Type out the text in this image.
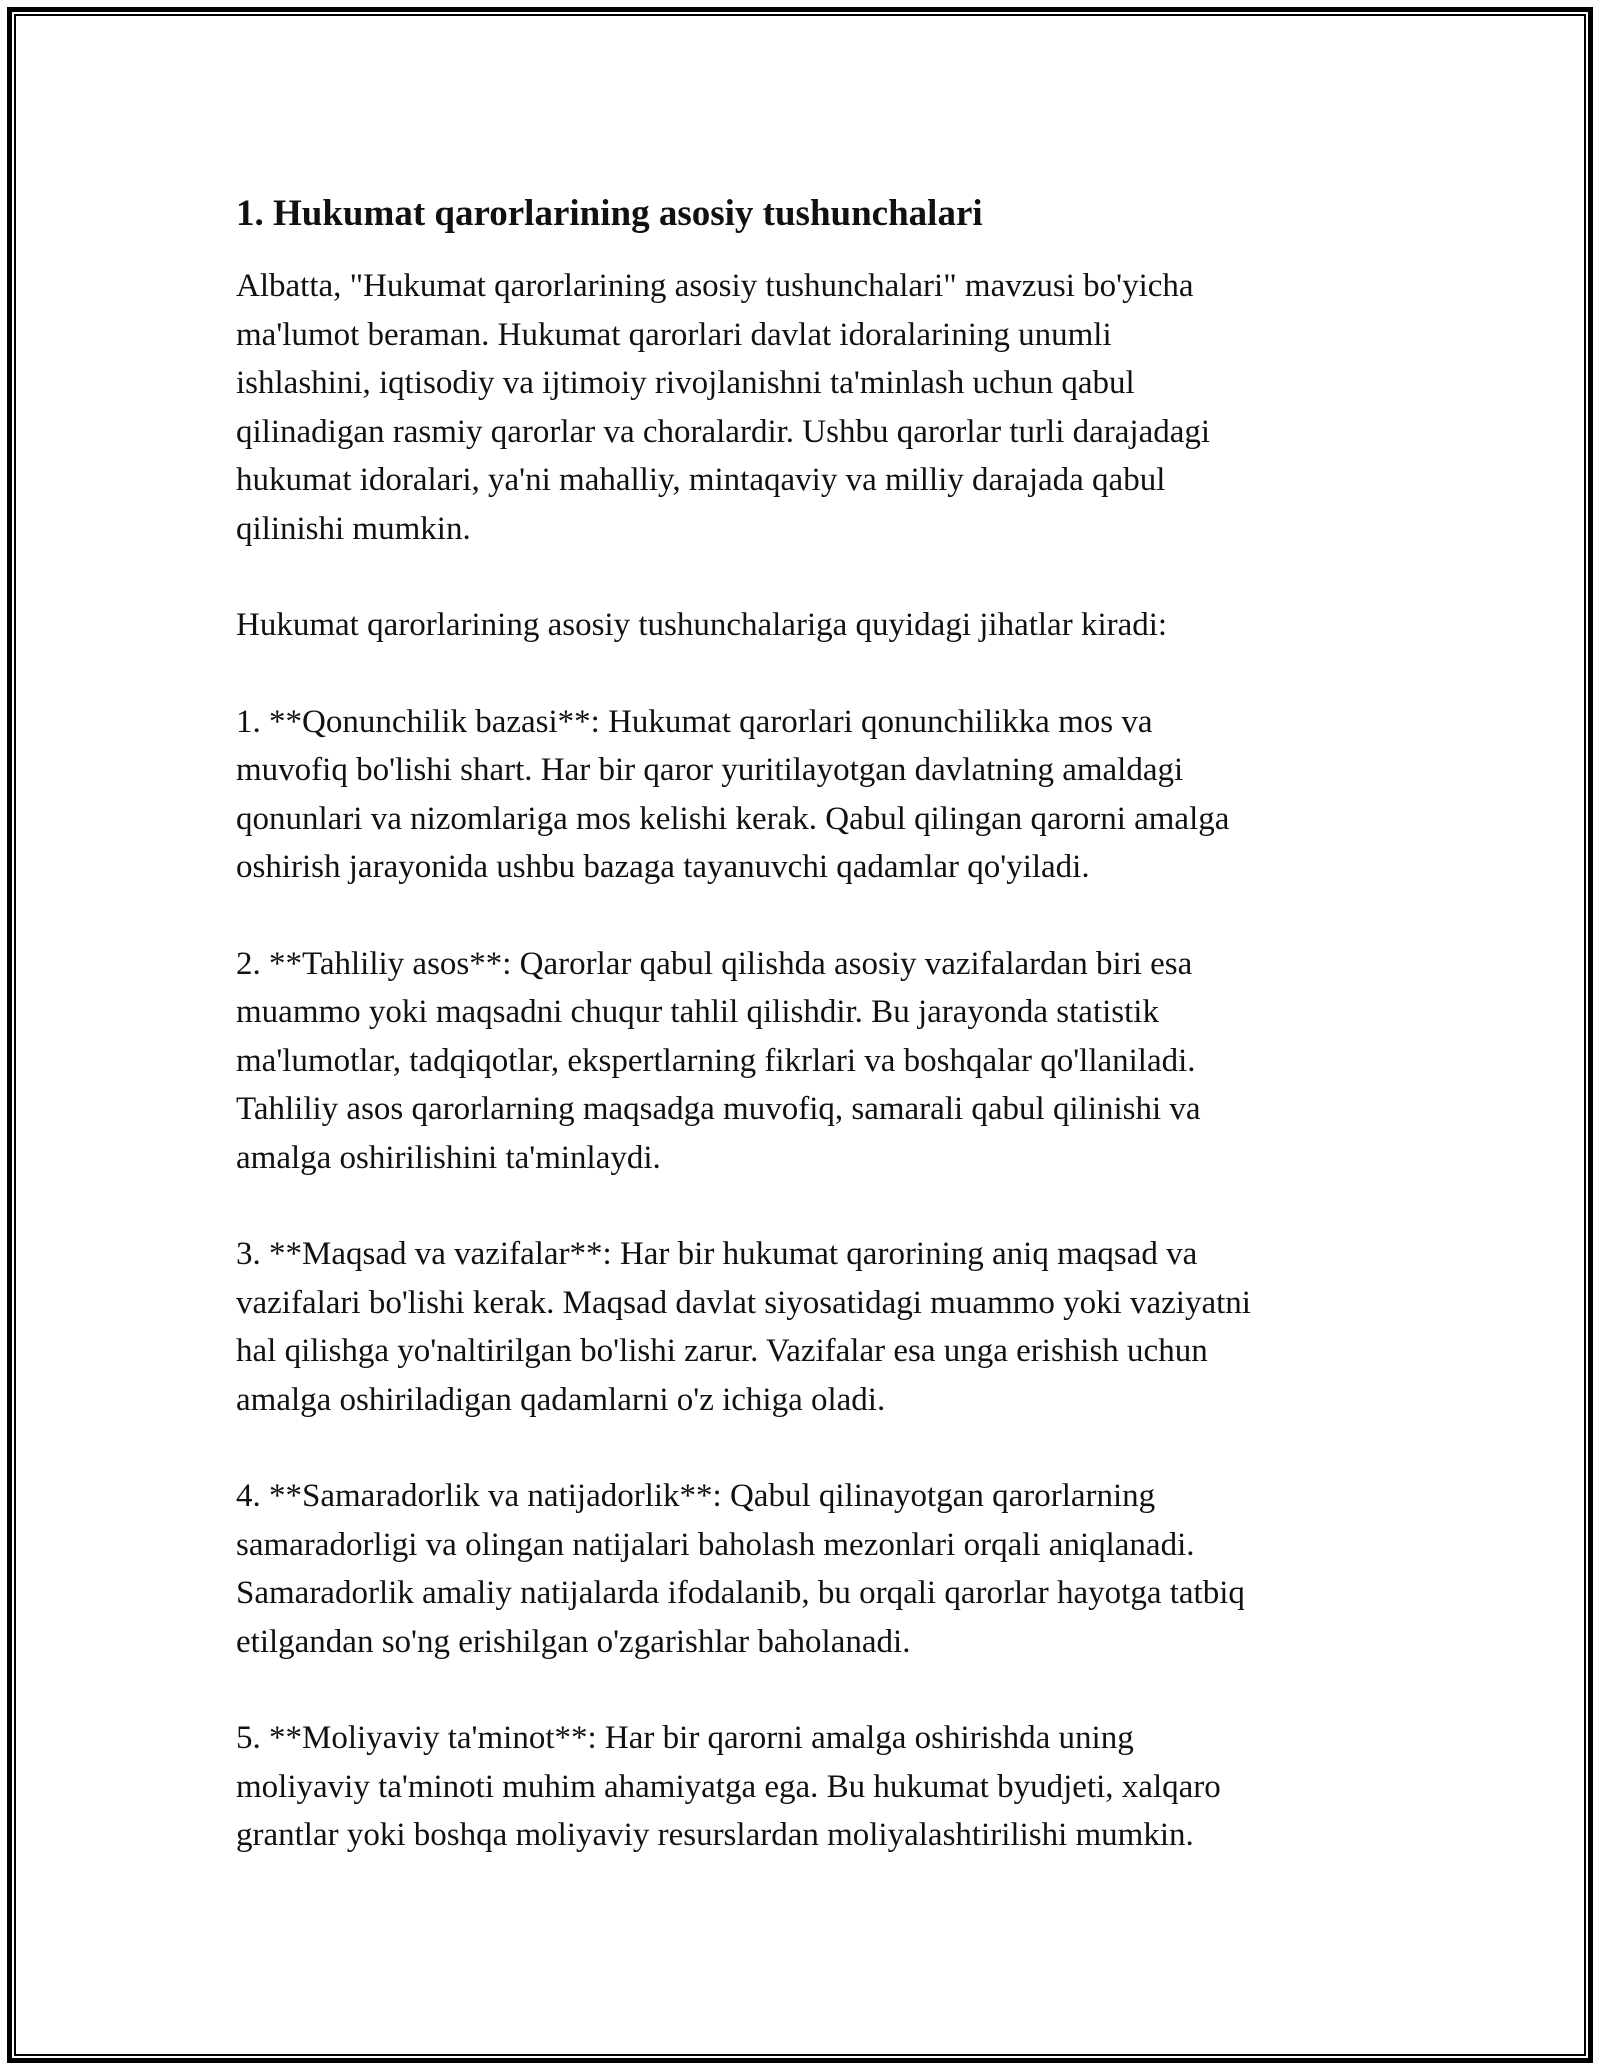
1. Hukumat qarorlarining asosiy tushunchalari

Albatta, "Hukumat qarorlarining asosiy tushunchalari" mavzusi bo'yicha
ma'lumot beraman. Hukumat qarorlari davlat idoralarining unumli
ishlashini, iqtisodiy va ijtimoiy rivojlanishni ta'minlash uchun qabul
qilinadigan rasmiy qarorlar va choralardir. Ushbu qarorlar turli darajadagi
hukumat idoralari, ya'ni mahalliy, mintaqaviy va milliy darajada qabul
qilinishi mumkin.

Hukumat qarorlarining asosiy tushunchalariga quyidagi jihatlar kiradi:

1. **Qonunchilik bazasi**: Hukumat qarorlari qonunchilikka mos va
muvofiq bo'lishi shart. Har bir qaror yuritilayotgan davlatning amaldagi
qonunlari va nizomlariga mos kelishi kerak. Qabul qilingan qarorni amalga
oshirish jarayonida ushbu bazaga tayanuvchi qadamlar qo'yiladi.

2. **Tahliliy asos**: Qarorlar qabul qilishda asosiy vazifalardan biri esa
muammo yoki maqsadni chuqur tahlil qilishdir. Bu jarayonda statistik
ma'lumotlar, tadqiqotlar, ekspertlarning fikrlari va boshqalar qo'llaniladi.
Tahliliy asos qarorlarning maqsadga muvofiq, samarali qabul qilinishi va
amalga oshirilishini ta'minlaydi.

3. **Maqsad va vazifalar**: Har bir hukumat qarorining aniq maqsad va
vazifalari bo'lishi kerak. Maqsad davlat siyosatidagi muammo yoki vaziyatni
hal qilishga yo'naltirilgan bo'lishi zarur. Vazifalar esa unga erishish uchun
amalga oshiriladigan qadamlarni o'z ichiga oladi.

4. **Samaradorlik va natijadorlik**: Qabul qilinayotgan qarorlarning
samaradorligi va olingan natijalari baholash mezonlari orqali aniqlanadi.
Samaradorlik amaliy natijalarda ifodalanib, bu orqali qarorlar hayotga tatbiq
etilgandan so'ng erishilgan o'zgarishlar baholanadi.

5. **Moliyaviy ta'minot**: Har bir qarorni amalga oshirishda uning
moliyaviy ta'minoti muhim ahamiyatga ega. Bu hukumat byudjeti, xalqaro
grantlar yoki boshqa moliyaviy resurslardan moliyalashtirilishi mumkin.
